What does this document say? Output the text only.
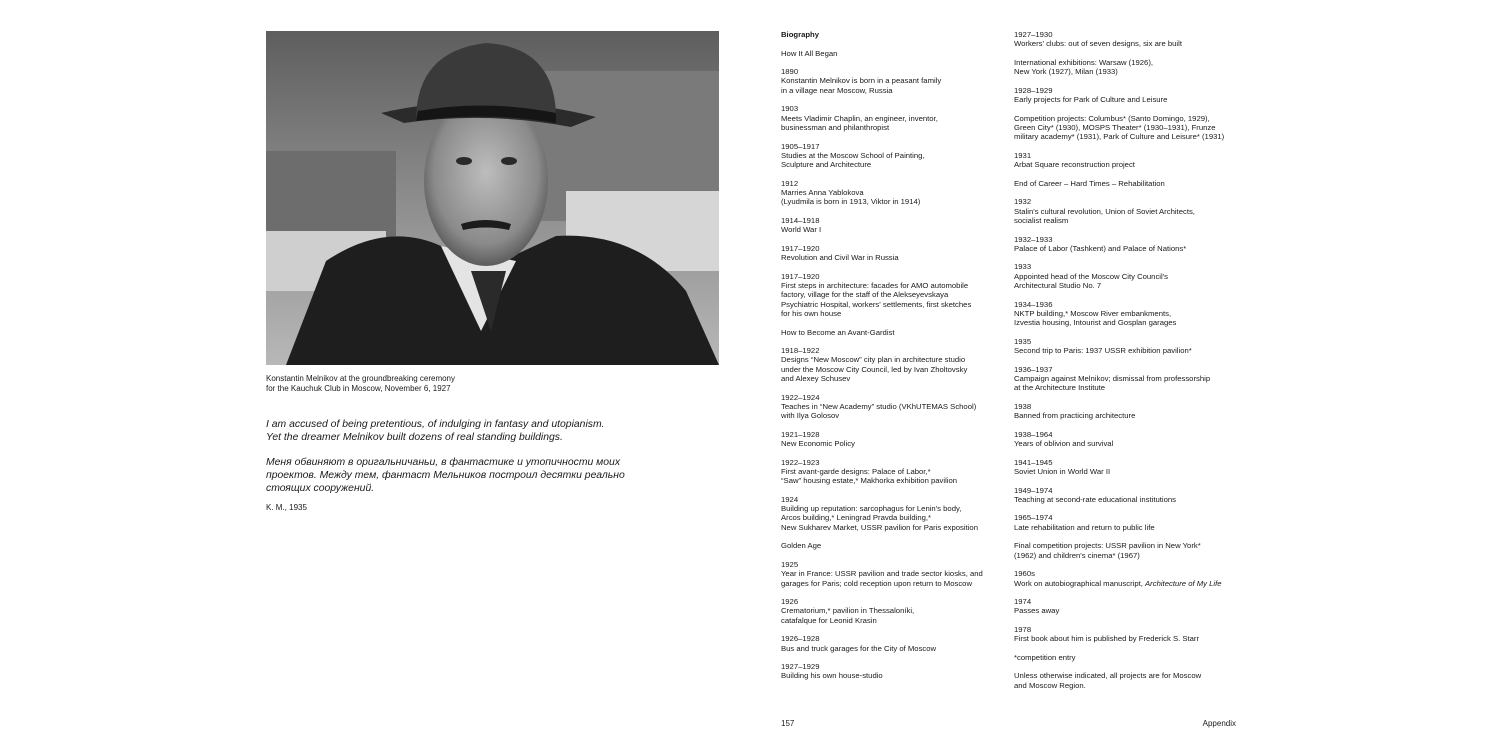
Konstantin Melnikov at the groundbreaking ceremony
for the Kauchuk Club in Moscow, November 6, 1927
I am accused of being pretentious, of indulging in fantasy and utopianism.
Yet the dreamer Melnikov built dozens of real standing buildings.
Меня обвиняют в оригальничаньи, в фантастике и утопичности моих
проектов. Между тем, фантаст Мельников построил десятки реально
стоящих сооружений.
K. M., 1935
Biography
How It All Began
1890
Konstantin Melnikov is born in a peasant family
in a village near Moscow, Russia
1903
Meets Vladimir Chaplin, an engineer, inventor,
businessman and philanthropist
1905–1917
Studies at the Moscow School of Painting,
Sculpture and Architecture
1912
Marries Anna Yablokova
(Lyudmila is born in 1913, Viktor in 1914)
1914–1918
World War I
1917–1920
Revolution and Civil War in Russia
1917–1920
First steps in architecture: facades for AMO automobile
factory, village for the staff of the Alekseyevskaya
Psychiatric Hospital, workers' settlements, first sketches
for his own house
How to Become an Avant-Gardist
1918–1922
Designs “New Moscow” city plan in architecture studio
under the Moscow City Council, led by Ivan Zholtovsky
and Alexey Schusev
1922–1924
Teaches in “New Academy” studio (VKhUTEMAS School)
with Ilya Golosov
1921–1928
New Economic Policy
1922–1923
First avant-garde designs: Palace of Labor,*
“Saw” housing estate,* Makhorka exhibition pavilion
1924
Building up reputation: sarcophagus for Lenin's body,
Arcos building,* Leningrad Pravda building,*
New Sukharev Market, USSR pavilion for Paris exposition
Golden Age
1925
Year in France: USSR pavilion and trade sector kiosks, and
garages for Paris; cold reception upon return to Moscow
1926
Crematorium,* pavilion in Thessaloníki,
catafalque for Leonid Krasin
1926–1928
Bus and truck garages for the City of Moscow
1927–1929
Building his own house-studio
1927–1930
Workers' clubs: out of seven designs, six are built
International exhibitions: Warsaw (1926),
New York (1927), Milan (1933)
1928–1929
Early projects for Park of Culture and Leisure
Competition projects: Columbus* (Santo Domingo, 1929),
Green City* (1930), MOSPS Theater* (1930–1931), Frunze
military academy* (1931), Park of Culture and Leisure* (1931)
1931
Arbat Square reconstruction project
End of Career – Hard Times – Rehabilitation
1932
Stalin's cultural revolution, Union of Soviet Architects,
socialist realism
1932–1933
Palace of Labor (Tashkent) and Palace of Nations*
1933
Appointed head of the Moscow City Council's
Architectural Studio No. 7
1934–1936
NKTP building,* Moscow River embankments,
Izvestia housing, Intourist and Gosplan garages
1935
Second trip to Paris: 1937 USSR exhibition pavilion*
1936–1937
Campaign against Melnikov; dismissal from professorship
at the Architecture Institute
1938
Banned from practicing architecture
1938–1964
Years of oblivion and survival
1941–1945
Soviet Union in World War II
1949–1974
Teaching at second-rate educational institutions
1965–1974
Late rehabilitation and return to public life
Final competition projects: USSR pavilion in New York*
(1962) and children's cinema* (1967)
1960s
Work on autobiographical manuscript, Architecture of My Life
1974
Passes away
1978
First book about him is published by Frederick S. Starr
*competition entry
Unless otherwise indicated, all projects are for Moscow
and Moscow Region.
157	Appendix
